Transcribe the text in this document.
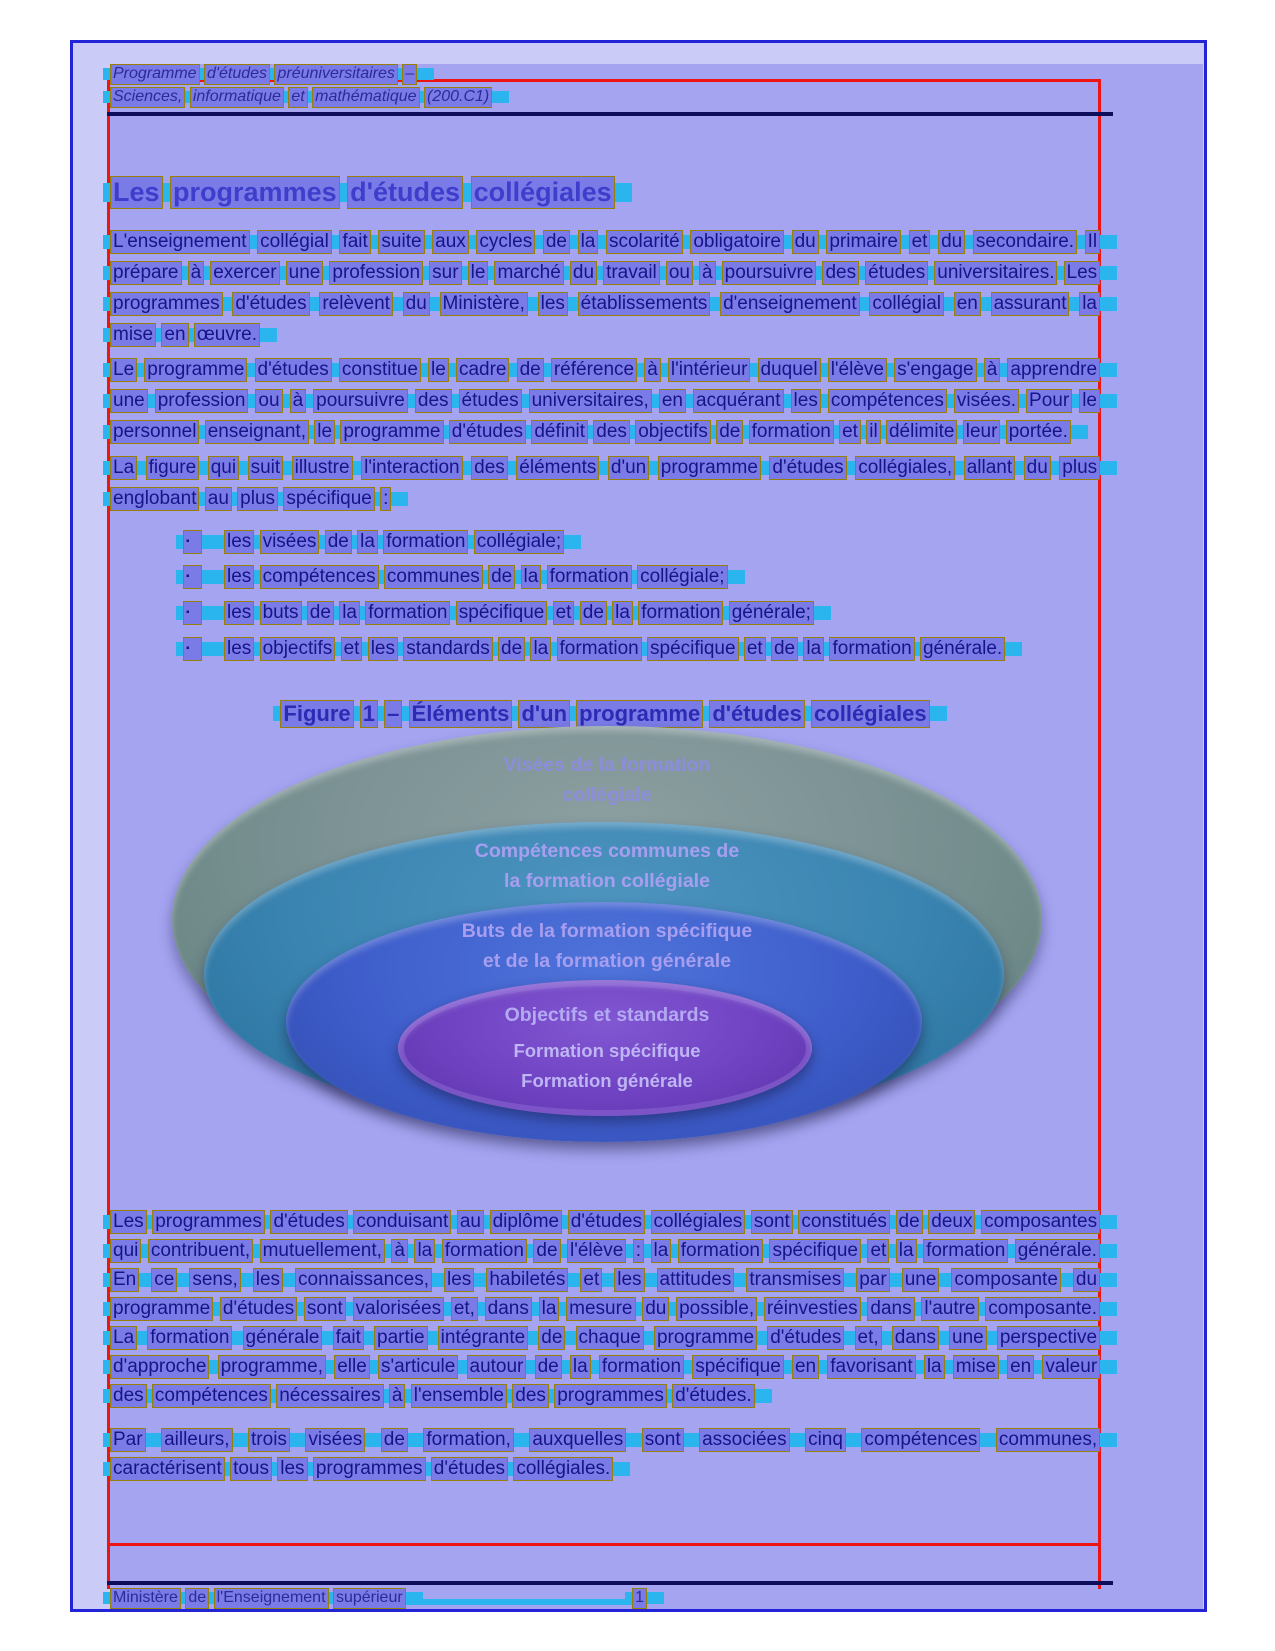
Programme d'études préuniversitaires –
Sciences, informatique et mathématique (200.C1)
Les programmes d'études collégiales
L'enseignement collégial fait suite aux cycles de la scolarité obligatoire du primaire et du secondaire. Il prépare à exercer une profession sur le marché du travail ou à poursuivre des études universitaires. Les programmes d'études relèvent du Ministère, les établissements d'enseignement collégial en assurant la mise en œuvre.
Le programme d'études constitue le cadre de référence à l'intérieur duquel l'élève s'engage à apprendre une profession ou à poursuivre des études universitaires, en acquérant les compétences visées. Pour le personnel enseignant, le programme d'études définit des objectifs de formation et il délimite leur portée.
La figure qui suit illustre l'interaction des éléments d'un programme d'études collégiales, allant du plus englobant au plus spécifique :
▪ les visées de la formation collégiale;
▪ les compétences communes de la formation collégiale;
▪ les buts de la formation spécifique et de la formation générale;
▪ les objectifs et les standards de la formation spécifique et de la formation générale.
Figure 1 – Éléments d'un programme d'études collégiales
Visées de la formation
collégiale
Compétences communes de
la formation collégiale
Buts de la formation spécifique
et de la formation générale
Objectifs et standards
Formation spécifique
Formation générale
Les programmes d'études conduisant au diplôme d'études collégiales sont constitués de deux composantes qui contribuent, mutuellement, à la formation de l'élève : la formation spécifique et la formation générale. En ce sens, les connaissances, les habiletés et les attitudes transmises par une composante du programme d'études sont valorisées et, dans la mesure du possible, réinvesties dans l'autre composante. La formation générale fait partie intégrante de chaque programme d'études et, dans une perspective d'approche programme, elle s'articule autour de la formation spécifique en favorisant la mise en valeur des compétences nécessaires à l'ensemble des programmes d'études.
Par ailleurs, trois visées de formation, auxquelles sont associées cinq compétences communes, caractérisent tous les programmes d'études collégiales.
Ministère de l'Enseignement supérieur	1
